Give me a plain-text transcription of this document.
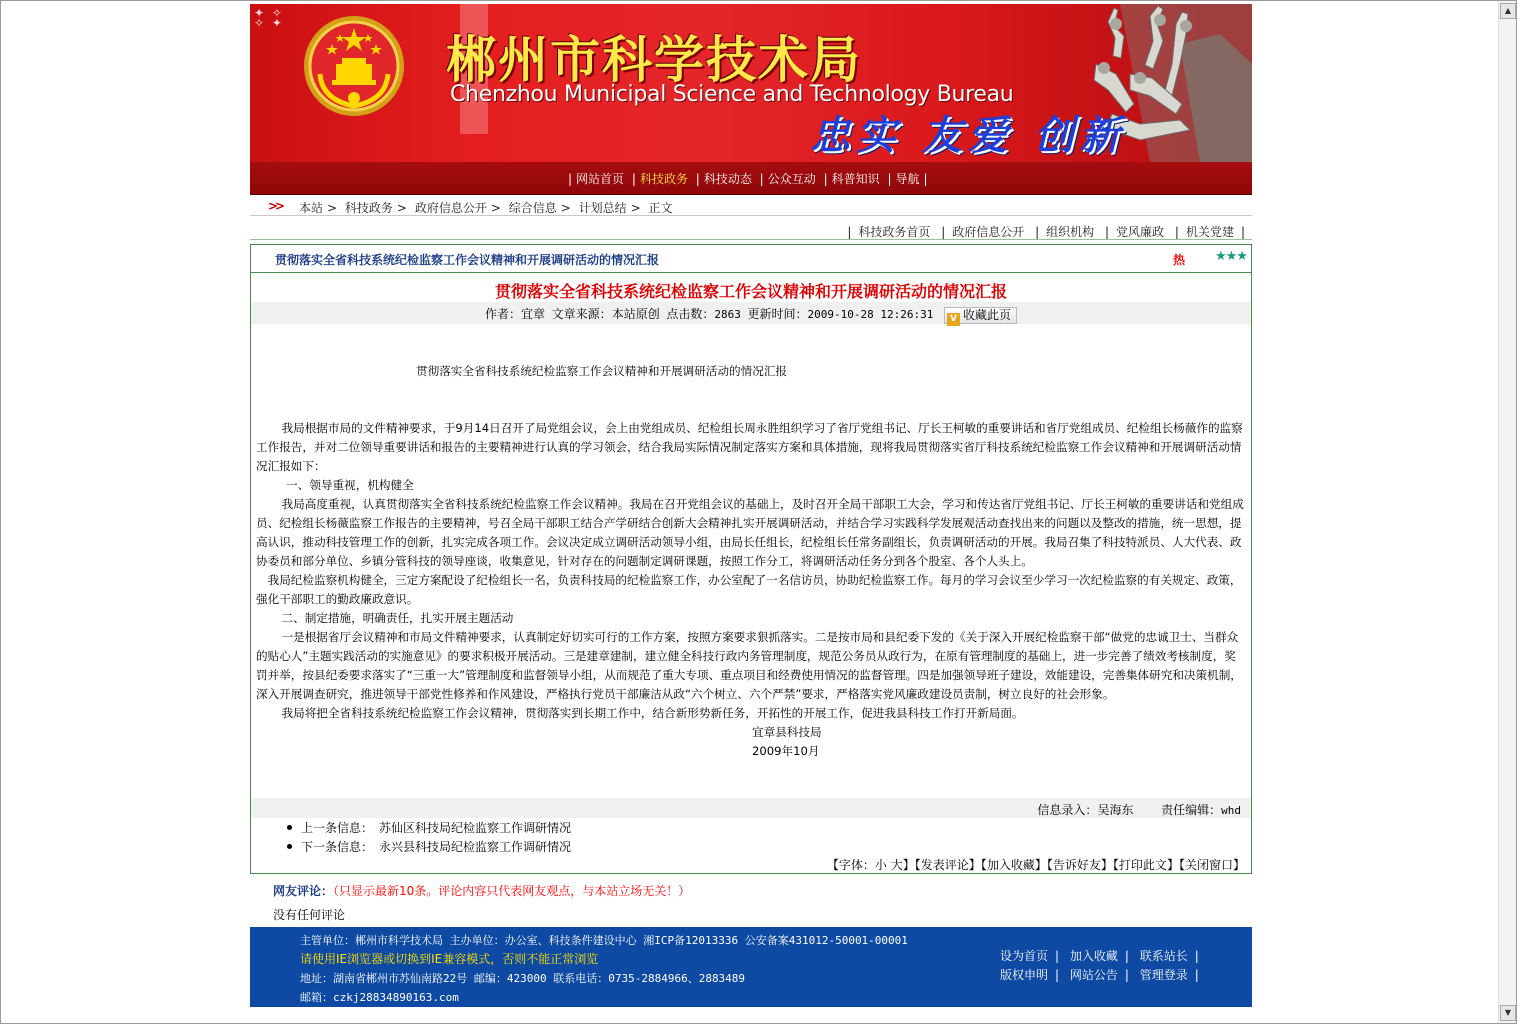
▲
▼
✦ ✧
✧ ✦
郴州市科学技术局
Chenzhou Municipal Science and Technology Bureau
忠实 友爱 创新
| 网站首页 | 科技政务 | 科技动态 | 公众互动 | 科普知识 | 导航 |
>> 本站 > 科技政务 > 政府信息公开 > 综合信息 > 计划总结 > 正文
| 科技政务首页 | 政府信息公开 | 组织机构 | 党风廉政 | 机关党建 |
贯彻落实全省科技系统纪检监察工作会议精神和开展调研活动的情况汇报	热 ★★★
贯彻落实全省科技系统纪检监察工作会议精神和开展调研活动的情况汇报
作者：宜章 文章来源：本站原创 点击数：2863 更新时间：2009-10-28 12:26:31 V 收藏此页

贯彻落实全省科技系统纪检监察工作会议精神和开展调研活动的情况汇报

我局根据市局的文件精神要求，于9月14日召开了局党组会议，会上由党组成员、纪检组长周永胜组织学习了省厅党组书记、厅长王柯敏的重要讲话和省厅党组成员、纪检组长杨薇作的监察工作报告，并对二位领导重要讲话和报告的主要精神进行认真的学习领会，结合我局实际情况制定落实方案和具体措施，现将我局贯彻落实省厅科技系统纪检监察工作会议精神和开展调研活动情况汇报如下：

一、领导重视，机构健全

我局高度重视，认真贯彻落实全省科技系统纪检监察工作会议精神。我局在召开党组会议的基础上，及时召开全局干部职工大会，学习和传达省厅党组书记、厅长王柯敏的重要讲话和党组成员、纪检组长杨薇监察工作报告的主要精神，号召全局干部职工结合产学研结合创新大会精神扎实开展调研活动，并结合学习实践科学发展观活动查找出来的问题以及整改的措施，统一思想，提高认识，推动科技管理工作的创新，扎实完成各项工作。会议决定成立调研活动领导小组，由局长任组长，纪检组长任常务副组长，负责调研活动的开展。我局召集了科技特派员、人大代表、政协委员和部分单位、乡镇分管科技的领导座谈，收集意见，针对存在的问题制定调研课题，按照工作分工，将调研活动任务分到各个股室、各个人头上。

我局纪检监察机构健全，三定方案配设了纪检组长一名，负责科技局的纪检监察工作，办公室配了一名信访员，协助纪检监察工作。每月的学习会议至少学习一次纪检监察的有关规定、政策，强化干部职工的勤政廉政意识。

二、制定措施，明确责任，扎实开展主题活动

一是根据省厅会议精神和市局文件精神要求，认真制定好切实可行的工作方案，按照方案要求狠抓落实。二是按市局和县纪委下发的《关于深入开展纪检监察干部“做党的忠诚卫士、当群众的贴心人”主题实践活动的实施意见》的要求积极开展活动。三是建章建制，建立健全科技行政内务管理制度，规范公务员从政行为，在原有管理制度的基础上，进一步完善了绩效考核制度，奖罚并举，按县纪委要求落实了“三重一大”管理制度和监督领导小组，从而规范了重大专项、重点项目和经费使用情况的监督管理。四是加强领导班子建设，效能建设，完善集体研究和决策机制，深入开展调查研究，推进领导干部党性修养和作风建设，严格执行党员干部廉洁从政“六个树立、六个严禁”要求，严格落实党风廉政建设员责制，树立良好的社会形象。

我局将把全省科技系统纪检监察工作会议精神，贯彻落实到长期工作中，结合新形势新任务，开拓性的开展工作，促进我县科技工作打开新局面。

宜章县科技局

2009年10月

信息录入：吴海东 责任编辑：whd
上一条信息： 苏仙区科技局纪检监察工作调研情况
下一条信息： 永兴县科技局纪检监察工作调研情况
【字体：小 大】【发表评论】【加入收藏】【告诉好友】【打印此文】【关闭窗口】
网友评论：（只显示最新10条。评论内容只代表网友观点，与本站立场无关！）
没有任何评论
主管单位：郴州市科学技术局 主办单位：办公室、科技条件建设中心 湘ICP备12013336 公安备案431012-50001-00001
请使用IE浏览器或切换到IE兼容模式，否则不能正常浏览
地址：湖南省郴州市苏仙南路22号 邮编：423000 联系电话：0735-2884966、2883489
邮箱：czkj28834890163.com
设为首页 | 加入收藏 | 联系站长 |
版权申明 | 网站公告 | 管理登录 |
